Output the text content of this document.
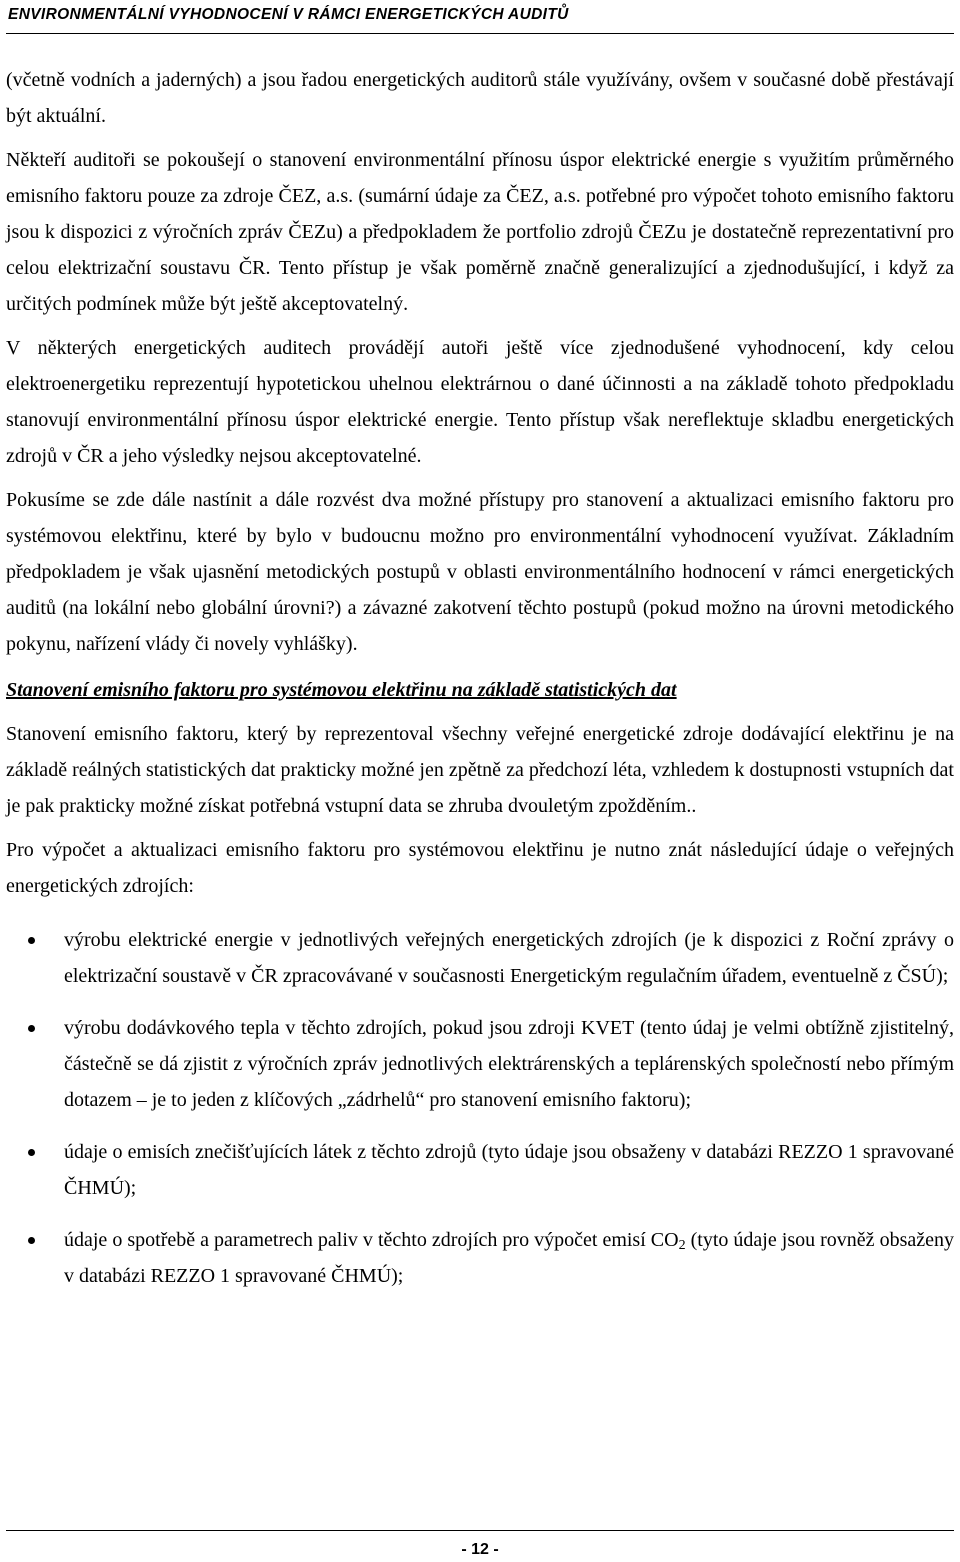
ENVIRONMENTÁLNÍ VYHODNOCENÍ V RÁMCI ENERGETICKÝCH AUDITŮ

(včetně vodních a jaderných) a jsou řadou energetických auditorů stále využívány, ovšem v současné době přestávají být aktuální.

Někteří auditoři se pokoušejí o stanovení environmentální přínosu úspor elektrické energie s využitím průměrného emisního faktoru pouze za zdroje ČEZ, a.s. (sumární údaje za ČEZ, a.s. potřebné pro výpočet tohoto emisního faktoru jsou k dispozici z výročních zpráv ČEZu) a předpokladem že portfolio zdrojů ČEZu je dostatečně reprezentativní pro celou elektrizační soustavu ČR. Tento přístup je však poměrně značně generalizující a zjednodušující, i když za určitých podmínek může být ještě akceptovatelný.

V některých energetických auditech provádějí autoři ještě více zjednodušené vyhodnocení, kdy celou elektroenergetiku reprezentují hypotetickou uhelnou elektrárnou o dané účinnosti a na základě tohoto předpokladu stanovují environmentální přínosu úspor elektrické energie. Tento přístup však nereflektuje skladbu energetických zdrojů v ČR a jeho výsledky nejsou akceptovatelné.

Pokusíme se zde dále nastínit a dále rozvést dva možné přístupy pro stanovení a aktualizaci emisního faktoru pro systémovou elektřinu, které by bylo v budoucnu možno pro environmentální vyhodnocení využívat. Základním předpokladem je však ujasnění metodických postupů v oblasti environmentálního hodnocení v rámci energetických auditů (na lokální nebo globální úrovni?) a závazné zakotvení těchto postupů (pokud možno na úrovni metodického pokynu, nařízení vlády či novely vyhlášky).

Stanovení emisního faktoru pro systémovou elektřinu na základě statistických dat

Stanovení emisního faktoru, který by reprezentoval všechny veřejné energetické zdroje dodávající elektřinu je na základě reálných statistických dat prakticky možné jen zpětně za předchozí léta, vzhledem k dostupnosti vstupních dat je pak prakticky možné získat potřebná vstupní data se zhruba dvouletým zpožděním..

Pro výpočet a aktualizaci emisního faktoru pro systémovou elektřinu je nutno znát následující údaje o veřejných energetických zdrojích:

výrobu elektrické energie v jednotlivých veřejných energetických zdrojích (je k dispozici z Roční zprávy o elektrizační soustavě v ČR zpracovávané v současnosti Energetickým regulačním úřadem, eventuelně z ČSÚ);
výrobu dodávkového tepla v těchto zdrojích, pokud jsou zdroji KVET (tento údaj je velmi obtížně zjistitelný, částečně se dá zjistit z výročních zpráv jednotlivých elektrárenských a teplárenských společností nebo přímým dotazem – je to jeden z klíčových „zádrhelů“ pro stanovení emisního faktoru);
údaje o emisích znečišťujících látek z těchto zdrojů (tyto údaje jsou obsaženy v databázi REZZO 1 spravované ČHMÚ);
údaje o spotřebě a parametrech paliv v těchto zdrojích pro výpočet emisí $CO_2$ (tyto údaje jsou rovněž obsaženy v databázi REZZO 1 spravované ČHMÚ);
- 12 -
